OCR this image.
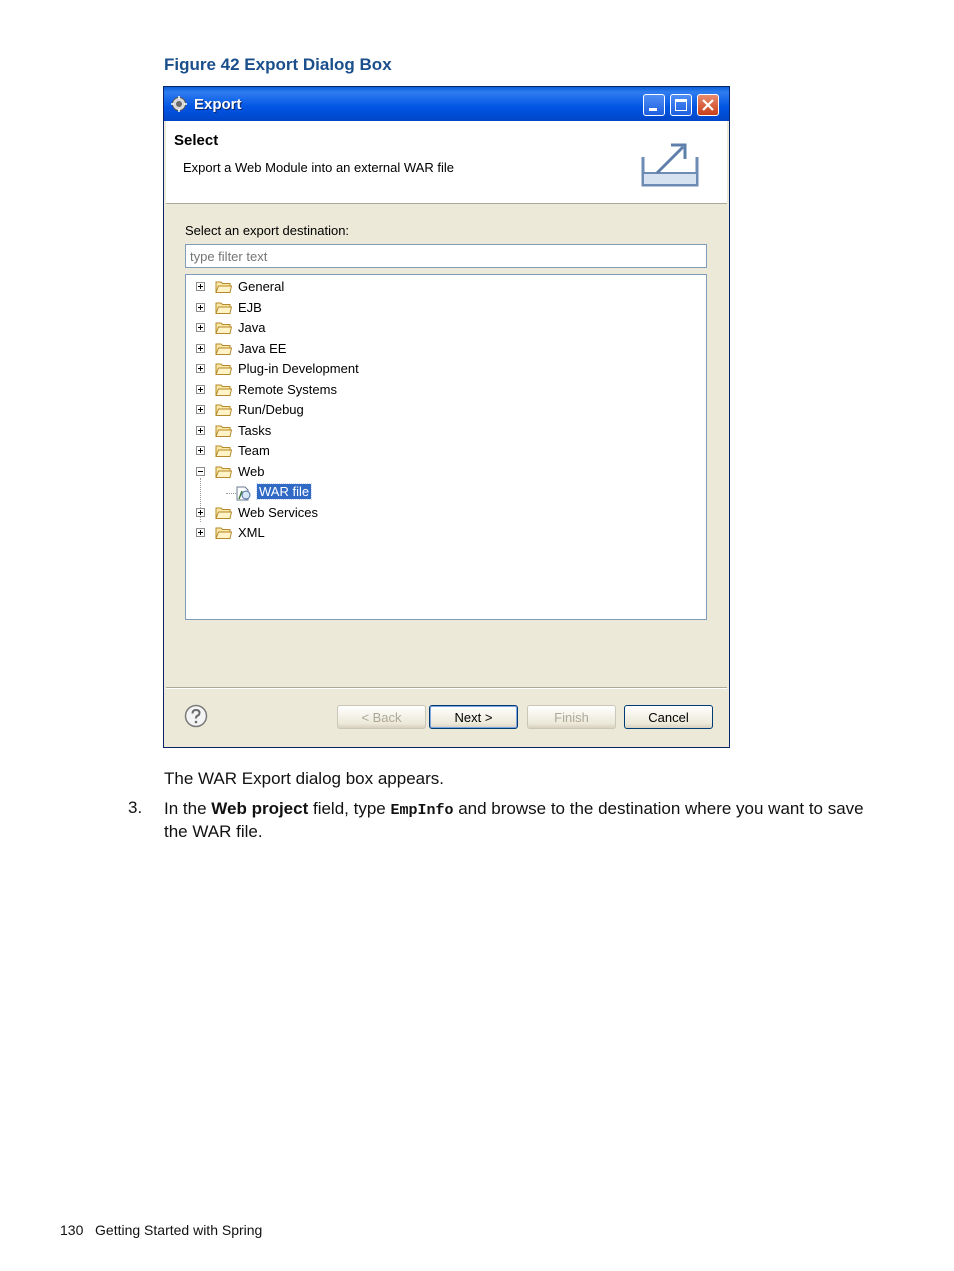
Figure 42 Export Dialog Box
Export
Select
Export a Web Module into an external WAR file
Select an export destination:
type filter text
General
EJB
Java
Java EE
Plug-in Development
Remote Systems
Run/Debug
Tasks
Team
Web
WAR file
Web Services
XML
< Back	Next >	Finish	Cancel
The WAR Export dialog box appears.
3. In the Web project field, type EmpInfo and browse to the destination where you want to save the WAR file.
130 Getting Started with Spring
